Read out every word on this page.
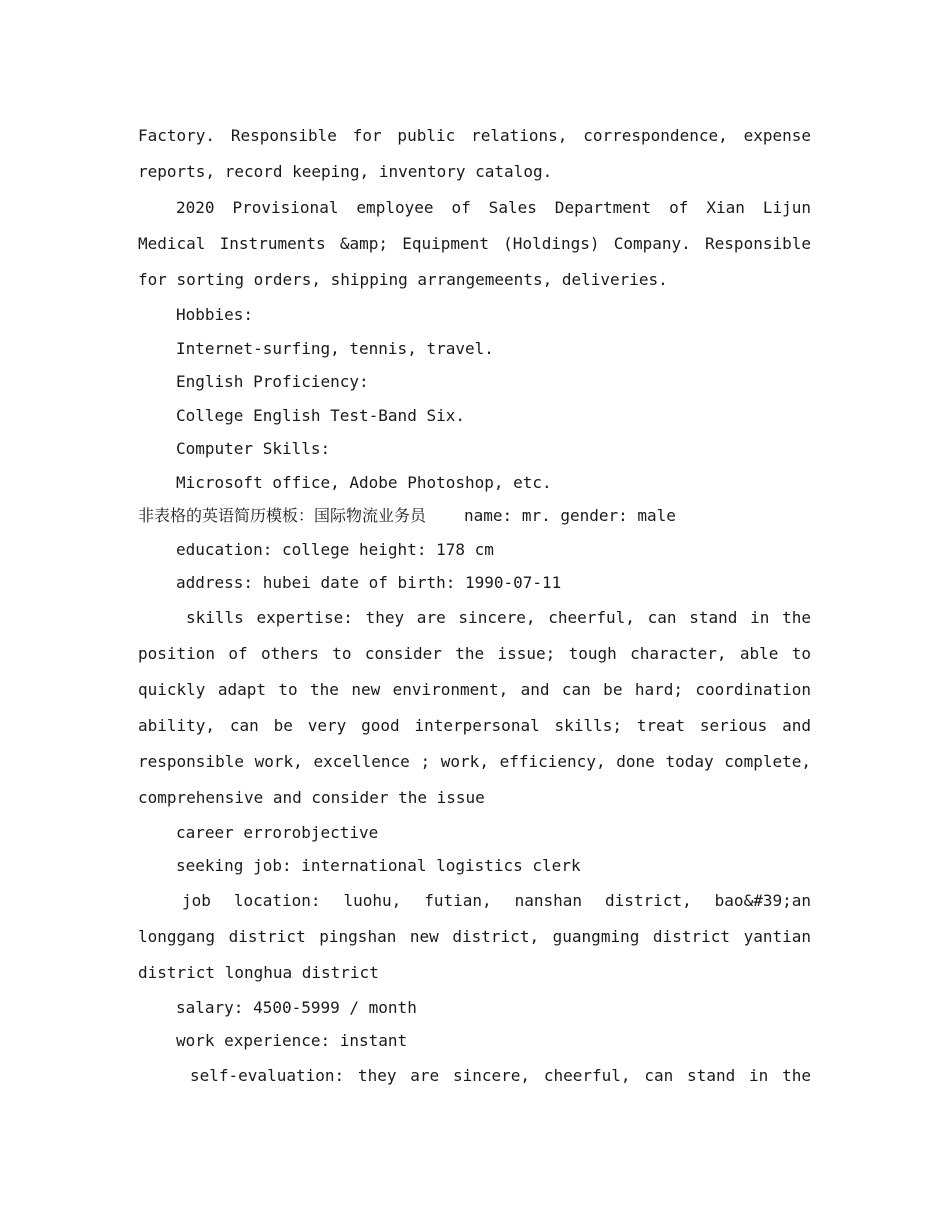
Factory. Responsible for public relations, correspondence, expense reports, record keeping, inventory catalog.

2020 Provisional employee of Sales Department of Xian Lijun Medical Instruments &amp; Equipment (Holdings) Company. Responsible for sorting orders, shipping arrangemeents, deliveries.

Hobbies:

Internet-surfing, tennis, travel.

English Proficiency:

College English Test-Band Six.

Computer Skills:

Microsoft office, Adobe Photoshop, etc.

非表格的英语简历模板：国际物流业务员 name: mr. gender: male

education: college height: 178 cm

address: hubei date of birth: 1990-07-11

skills expertise: they are sincere, cheerful, can stand in the position of others to consider the issue; tough character, able to quickly adapt to the new environment, and can be hard; coordination ability, can be very good interpersonal skills; treat serious and responsible work, excellence ; work, efficiency, done today complete, comprehensive and consider the issue

career errorobjective

seeking job: international logistics clerk

job location: luohu, futian, nanshan district, bao&#39;an longgang district pingshan new district, guangming district yantian district longhua district

salary: 4500-5999 / month

work experience: instant

self-evaluation: they are sincere, cheerful, can stand in the
